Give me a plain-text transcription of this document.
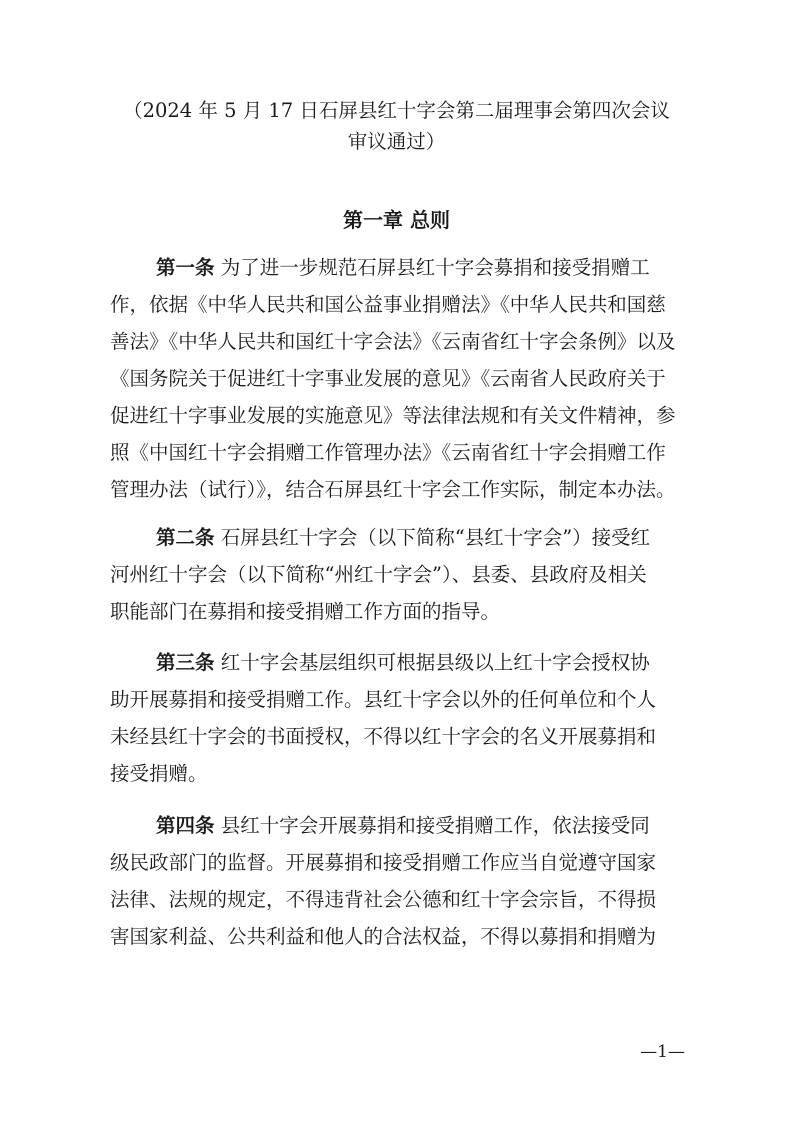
（2024 年 5 月 17 日石屏县红十字会第二届理事会第四次会议
审议通过）
第一章 总则
第一条 为了进一步规范石屏县红十字会募捐和接受捐赠工
作，依据《中华人民共和国公益事业捐赠法》《中华人民共和国慈
善法》《中华人民共和国红十字会法》《云南省红十字会条例》以及
《国务院关于促进红十字事业发展的意见》《云南省人民政府关于
促进红十字事业发展的实施意见》等法律法规和有关文件精神，参
照《中国红十字会捐赠工作管理办法》《云南省红十字会捐赠工作
管理办法（试行）》，结合石屏县红十字会工作实际，制定本办法。
第二条 石屏县红十字会（以下简称“县红十字会”）接受红
河州红十字会（以下简称“州红十字会”）、县委、县政府及相关
职能部门在募捐和接受捐赠工作方面的指导。
第三条 红十字会基层组织可根据县级以上红十字会授权协
助开展募捐和接受捐赠工作。县红十字会以外的任何单位和个人
未经县红十字会的书面授权，不得以红十字会的名义开展募捐和
接受捐赠。
第四条 县红十字会开展募捐和接受捐赠工作，依法接受同
级民政部门的监督。开展募捐和接受捐赠工作应当自觉遵守国家
法律、法规的规定，不得违背社会公德和红十字会宗旨，不得损
害国家利益、公共利益和他人的合法权益，不得以募捐和捐赠为
—1—
